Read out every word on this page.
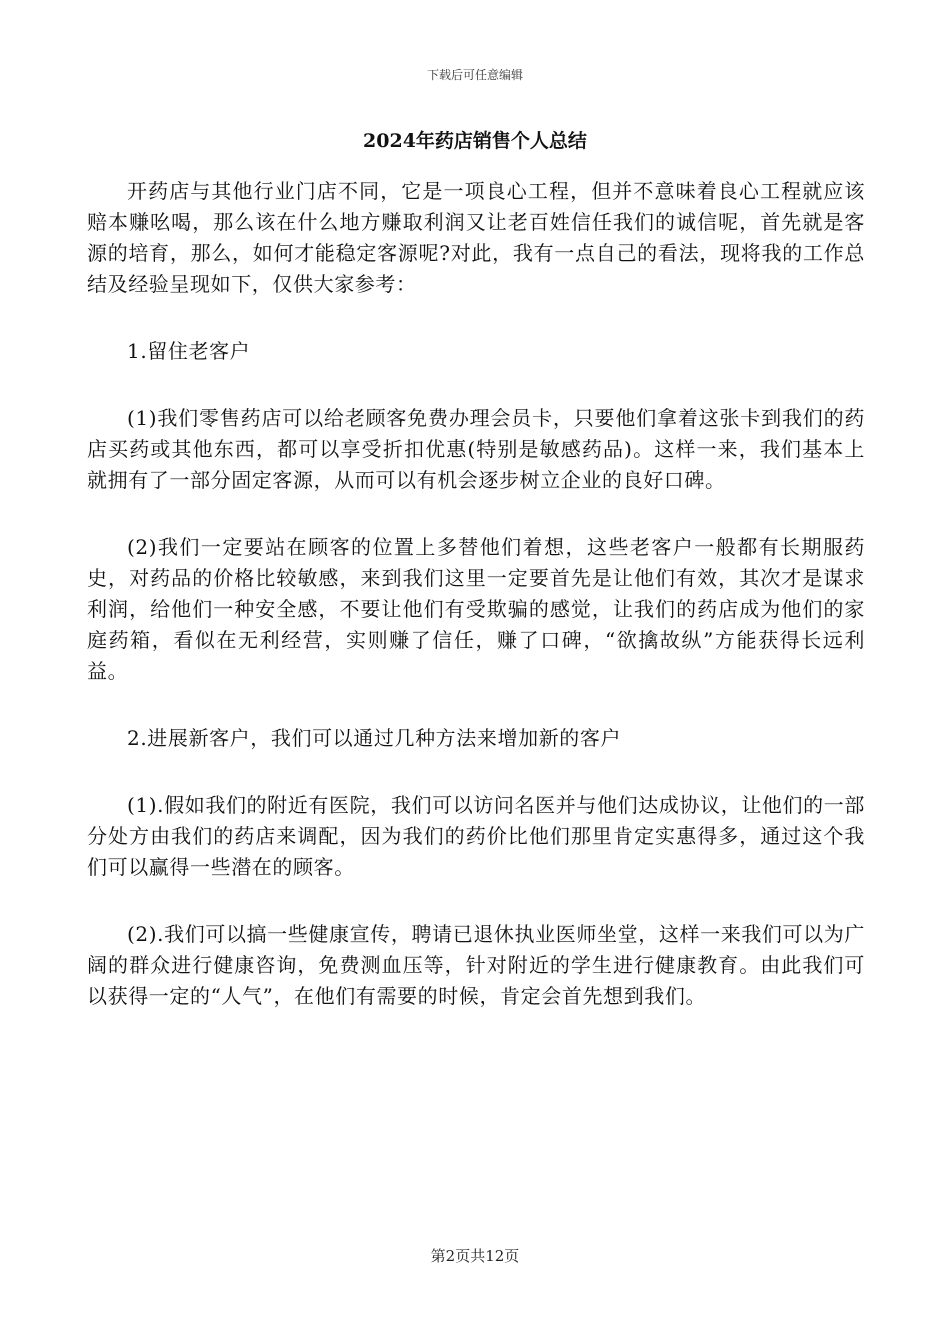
下载后可任意编辑
2024年药店销售个人总结

开药店与其他行业门店不同，它是一项良心工程，但并不意味着良心工程就应该赔本赚吆喝，那么该在什么地方赚取利润又让老百姓信任我们的诚信呢，首先就是客源的培育，那么，如何才能稳定客源呢?对此，我有一点自己的看法，现将我的工作总结及经验呈现如下，仅供大家参考：

1.留住老客户

(1)我们零售药店可以给老顾客免费办理会员卡，只要他们拿着这张卡到我们的药店买药或其他东西，都可以享受折扣优惠(特别是敏感药品)。这样一来，我们基本上就拥有了一部分固定客源，从而可以有机会逐步树立企业的良好口碑。

(2)我们一定要站在顾客的位置上多替他们着想，这些老客户一般都有长期服药史，对药品的价格比较敏感，来到我们这里一定要首先是让他们有效，其次才是谋求利润，给他们一种安全感，不要让他们有受欺骗的感觉，让我们的药店成为他们的家庭药箱，看似在无利经营，实则赚了信任，赚了口碑，“欲擒故纵”方能获得长远利益。

2.进展新客户，我们可以通过几种方法来增加新的客户

(1).假如我们的附近有医院，我们可以访问名医并与他们达成协议，让他们的一部分处方由我们的药店来调配，因为我们的药价比他们那里肯定实惠得多，通过这个我们可以赢得一些潜在的顾客。

(2).我们可以搞一些健康宣传，聘请已退休执业医师坐堂，这样一来我们可以为广阔的群众进行健康咨询，免费测血压等，针对附近的学生进行健康教育。由此我们可以获得一定的“人气”，在他们有需要的时候，肯定会首先想到我们。

第2页共12页
